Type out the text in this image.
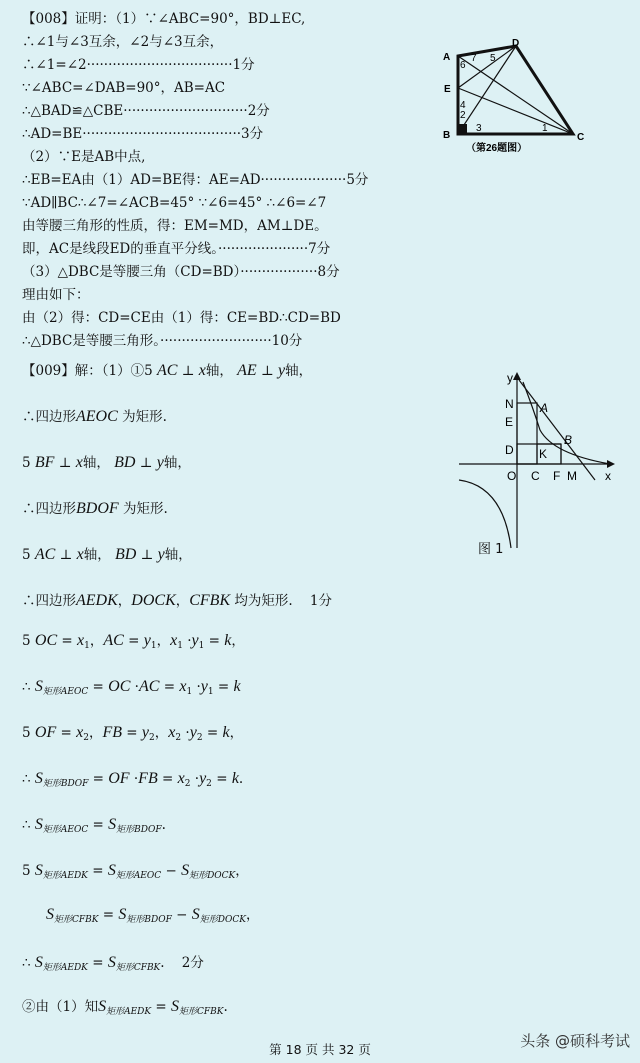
【008】证明：（1）∵∠ABC=90°，BD⊥EC,
∴∠1与∠3互余，∠2与∠3互余，
∴∠1=∠2··································1分
∵∠ABC=∠DAB=90°，AB=AC
∴△BAD≌△CBE·····························2分
∴AD=BE·····································3分
（2）∵E是AB中点,
∴EB=EA由（1）AD=BE得：AE=AD····················5分
∵AD∥BC∴∠7=∠ACB=45° ∵∠6=45° ∴∠6=∠7
由等腰三角形的性质，得：EM=MD，AM⊥DE。
即，AC是线段ED的垂直平分线。·····················7分
（3）△DBC是等腰三角（CD=BD）··················8分
理由如下：
由（2）得：CD=CE由（1）得：CE=BD∴CD=BD
∴△DBC是等腰三角形。··························10分
A
D
E
B	C
1
2
3
4
5
6
7
（第26题图）
【009】解：（1）①5 AC ⊥ x轴， AE ⊥ y轴，
∴四边形AEOC 为矩形.
5 BF ⊥ x轴， BD ⊥ y轴，
∴四边形BDOF 为矩形.
5 AC ⊥ x轴， BD ⊥ y轴，
∴四边形AEDK，DOCK，CFBK 均为矩形. 1分
5 OC = $x_1$，AC = $y_1$，$x_1 \cdot y_1 = k$，
∴ $S_{矩形AEOC}$ = OC $\cdot AC = x_1 \cdot y_1 = k$
5 OF = $x_2$，FB = $y_2$，$x_2 \cdot y_2 = k$，
∴ $S_{矩形BDOF}$ = OF $\cdot FB = x_2 \cdot y_2 = k$.
∴ $S_{矩形AEOC} = S_{矩形BDOF}$.
5 $S_{矩形AEDK} = S_{矩形AEOC} - S_{矩形DOCK}$，
$S_{矩形CFBK} = S_{矩形BDOF} - S_{矩形DOCK}$，
∴ $S_{矩形AEDK} = S_{矩形CFBK}$.    2分
②由（1）知$S_{矩形AEDK} = S_{矩形CFBK}$.
y
x
N A
E
D K
B
O C F M
图 1
第 18 页 共 32 页	头条 @硕科考试
